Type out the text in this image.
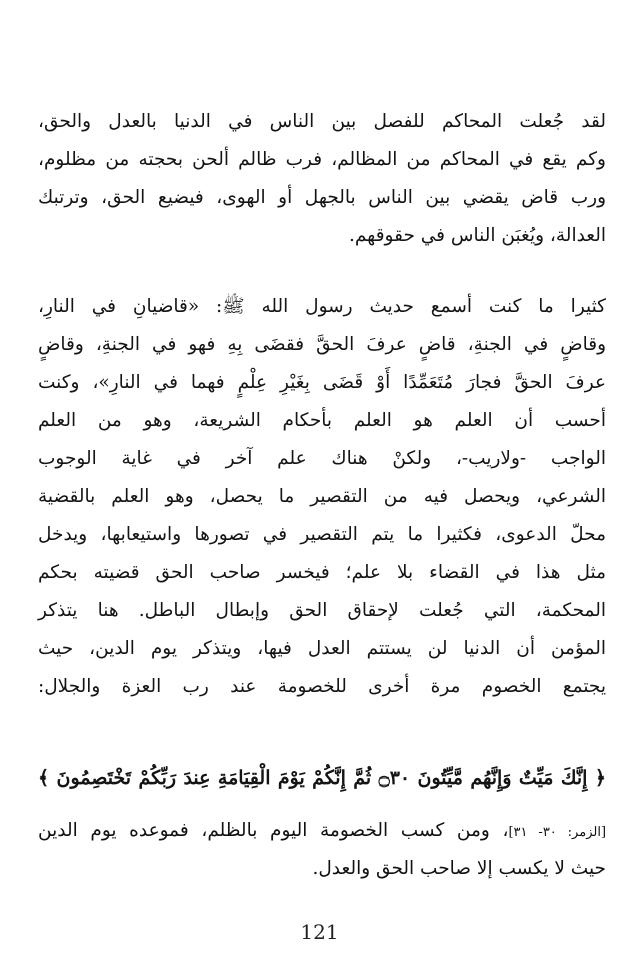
لقد جُعلت المحاكم للفصل بين الناس في الدنيا بالعدل والحق،
وكم يقع في المحاكم من المظالم، فرب ظالم ألحن بحجته من مظلوم،
ورب قاض يقضي بين الناس بالجهل أو الهوى، فيضيع الحق، وترتبك
العدالة، ويُغبَن الناس في حقوقهم.
كثيرا ما كنت أسمع حديث رسول الله ﷺ: «قاضيانِ في النارِ،
وقاضٍ في الجنةِ، قاضٍ عرفَ الحقَّ فقضَى بِهِ فهو في الجنةِ، وقاضٍ
عرفَ الحقَّ فجارَ مُتَعَمِّدًا أَوْ قَضَى بِغَيْرِ عِلْمٍ فهما في النارِ»، وكنت
أحسب أن العلم هو العلم بأحكام الشريعة، وهو من العلم
الواجب -ولاريب-، ولكنْ هناك علم آخر في غاية الوجوب
الشرعي، ويحصل فيه من التقصير ما يحصل، وهو العلم بالقضية
محلّ الدعوى، فكثيرا ما يتم التقصير في تصورها واستيعابها، ويدخل
مثل هذا في القضاء بلا علم؛ فيخسر صاحب الحق قضيته بحكم
المحكمة، التي جُعلت لإحقاق الحق وإبطال الباطل. هنا يتذكر
المؤمن أن الدنيا لن يستتم العدل فيها، ويتذكر يوم الدين، حيث
يجتمع الخصوم مرة أخرى للخصومة عند رب العزة والجلال:
﴿ إِنَّكَ مَيِّتٌ وَإِنَّهُم مَّيِّتُونَ ۝٣٠ ثُمَّ إِنَّكُمْ يَوْمَ الْقِيَامَةِ عِندَ رَبِّكُمْ تَخْتَصِمُونَ ﴾
[الزمر: ٣٠- ٣١]، ومن كسب الخصومة اليوم بالظلم، فموعده يوم الدين
حيث لا يكسب إلا صاحب الحق والعدل.
121
